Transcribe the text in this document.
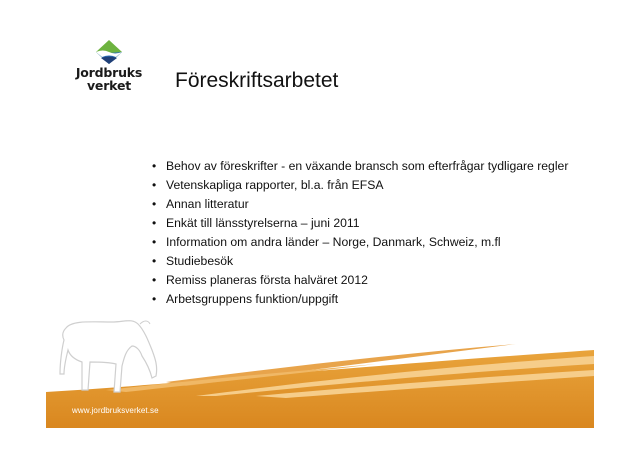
Jordbruks
verket	Föreskriftsarbetet
• Behov av föreskrifter - en växande bransch som efterfrågar tydligare regler
• Vetenskapliga rapporter, bl.a. från EFSA
• Annan litteratur
• Enkät till länsstyrelserna – juni 2011
• Information om andra länder – Norge, Danmark, Schweiz, m.fl
• Studiebesök
• Remiss planeras första halväret 2012
• Arbetsgruppens funktion/uppgift
www.jordbruksverket.se
